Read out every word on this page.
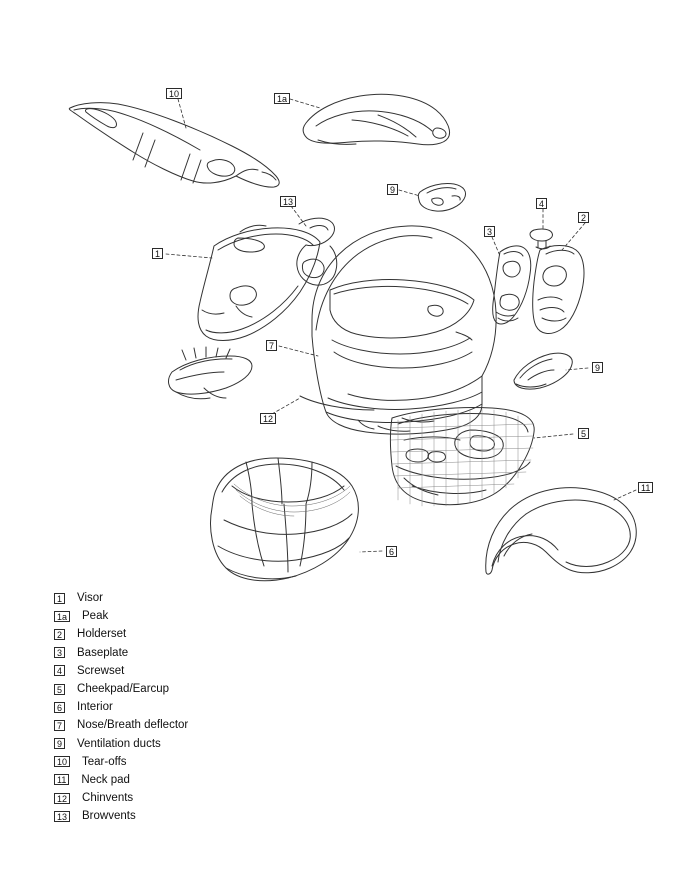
10	1a
9
4
2
13
3
1
9
7
12
5
11
6
1 Visor
1a Peak
2 Holderset
3 Baseplate
4 Screwset
5 Cheekpad/Earcup
6 Interior
7 Nose/Breath deflector
9 Ventilation ducts
10 Tear-offs
11 Neck pad
12 Chinvents
13 Browvents
